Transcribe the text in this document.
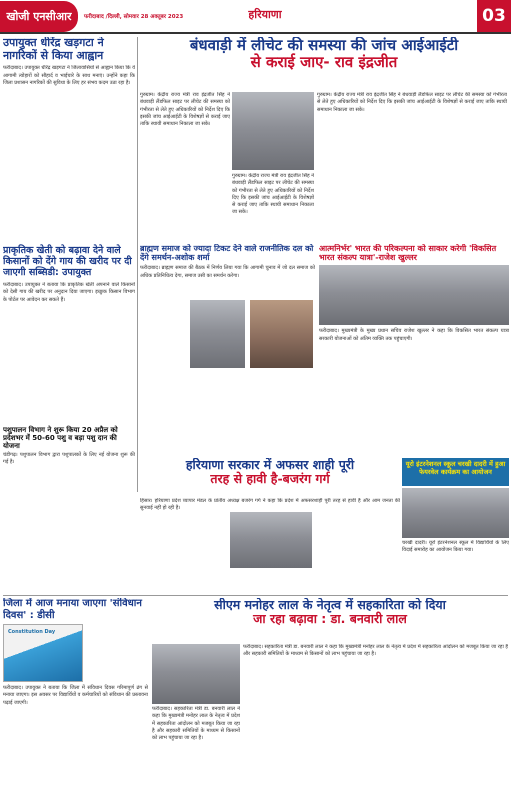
खोजी एनसीआर	फरीदाबाद /दिल्ली, सोमवार 28 अक्तूबर 2023	हरियाणा	03
उपायुक्त धीरेंद्र खड़गटा ने नागरिकों से किया आह्वान
फरीदाबाद। उपायुक्त धीरेंद्र खड़गटा ने जिलावासियों से आह्वान किया कि वे आगामी त्योहारों को सौहार्द व भाईचारे के साथ मनाएं। उन्होंने कहा कि जिला प्रशासन नागरिकों की सुविधा के लिए हर संभव कदम उठा रहा है।
प्राकृतिक खेती को बढ़ावा देने वाले किसानों को देंगे गाय की खरीद पर दी जाएगी सब्सिडी: उपायुक्त
फरीदाबाद। उपायुक्त ने बताया कि प्राकृतिक खेती अपनाने वाले किसानों को देसी गाय की खरीद पर अनुदान दिया जाएगा। इच्छुक किसान विभाग के पोर्टल पर आवेदन कर सकते हैं।
पशुपालन विभाग ने शुरू किया 20 अप्रैल को प्रदेशभर में 50-60 पशु व बड़ा पशु दान की योजना
चंडीगढ़। पशुपालन विभाग द्वारा पशुपालकों के लिए नई योजना शुरू की गई है।
बंधवाड़ी में लीचेट की समस्या की जांच आईआईटी
से कराई जाए- राव इंद्रजीत
गुरुग्राम। केंद्रीय राज्य मंत्री राव इंद्रजीत सिंह ने बंधवाड़ी लैंडफिल साइट पर लीचेट की समस्या को गंभीरता से लेते हुए अधिकारियों को निर्देश दिए कि इसकी जांच आईआईटी के विशेषज्ञों से कराई जाए ताकि स्थायी समाधान निकाला जा सके।
गुरुग्राम। केंद्रीय राज्य मंत्री राव इंद्रजीत सिंह ने बंधवाड़ी लैंडफिल साइट पर लीचेट की समस्या को गंभीरता से लेते हुए अधिकारियों को निर्देश दिए कि इसकी जांच आईआईटी के विशेषज्ञों से कराई जाए ताकि स्थायी समाधान निकाला जा सके।
गुरुग्राम। केंद्रीय राज्य मंत्री राव इंद्रजीत सिंह ने बंधवाड़ी लैंडफिल साइट पर लीचेट की समस्या को गंभीरता से लेते हुए अधिकारियों को निर्देश दिए कि इसकी जांच आईआईटी के विशेषज्ञों से कराई जाए ताकि स्थायी समाधान निकाला जा सके।
ब्राह्मण समाज को ज्यादा टिकट देने वाले राजनीतिक दल को देंगे समर्थन-अशोक शर्मा
फरीदाबाद। ब्राह्मण समाज की बैठक में निर्णय लिया गया कि आगामी चुनाव में जो दल समाज को अधिक प्रतिनिधित्व देगा, समाज उसी का समर्थन करेगा।
आत्मनिर्भर' भारत की परिकल्पना को साकार करेगी 'विकसित भारत संकल्प यात्रा'-राजेश खुल्लर
फरीदाबाद। मुख्यमंत्री के मुख्य प्रधान सचिव राजेश खुल्लर ने कहा कि विकसित भारत संकल्प यात्रा सरकारी योजनाओं को अंतिम व्यक्ति तक पहुंचाएगी।
हरियाणा सरकार में अफसर शाही पूरी
तरह से हावी है-बजरंग गर्ग
हिसार। हरियाणा प्रदेश व्यापार मंडल के प्रांतीय अध्यक्ष बजरंग गर्ग ने कहा कि प्रदेश में अफसरशाही पूरी तरह से हावी है और आम जनता की सुनवाई नहीं हो रही है।
यूरो इंटरनेशनल स्कूल चरखी दादरी में हुआ फेयरवेल कार्यक्रम का आयोजन
चरखी दादरी। यूरो इंटरनेशनल स्कूल में विद्यार्थियों के लिए विदाई समारोह का आयोजन किया गया।
जिला में आज मनाया जाएगा 'संविधान दिवस' : डीसी
Constitution Day
फरीदाबाद। उपायुक्त ने बताया कि जिला में संविधान दिवस गरिमापूर्ण ढंग से मनाया जाएगा। इस अवसर पर विद्यार्थियों व कर्मचारियों को संविधान की प्रस्तावना पढ़ाई जाएगी।
सीएम मनोहर लाल के नेतृत्व में सहकारिता को दिया
जा रहा बढ़ावा : डा. बनवारी लाल
फरीदाबाद। सहकारिता मंत्री डा. बनवारी लाल ने कहा कि मुख्यमंत्री मनोहर लाल के नेतृत्व में प्रदेश में सहकारिता आंदोलन को मजबूत किया जा रहा है और सहकारी समितियों के माध्यम से किसानों को लाभ पहुंचाया जा रहा है।
फरीदाबाद। सहकारिता मंत्री डा. बनवारी लाल ने कहा कि मुख्यमंत्री मनोहर लाल के नेतृत्व में प्रदेश में सहकारिता आंदोलन को मजबूत किया जा रहा है और सहकारी समितियों के माध्यम से किसानों को लाभ पहुंचाया जा रहा है।
